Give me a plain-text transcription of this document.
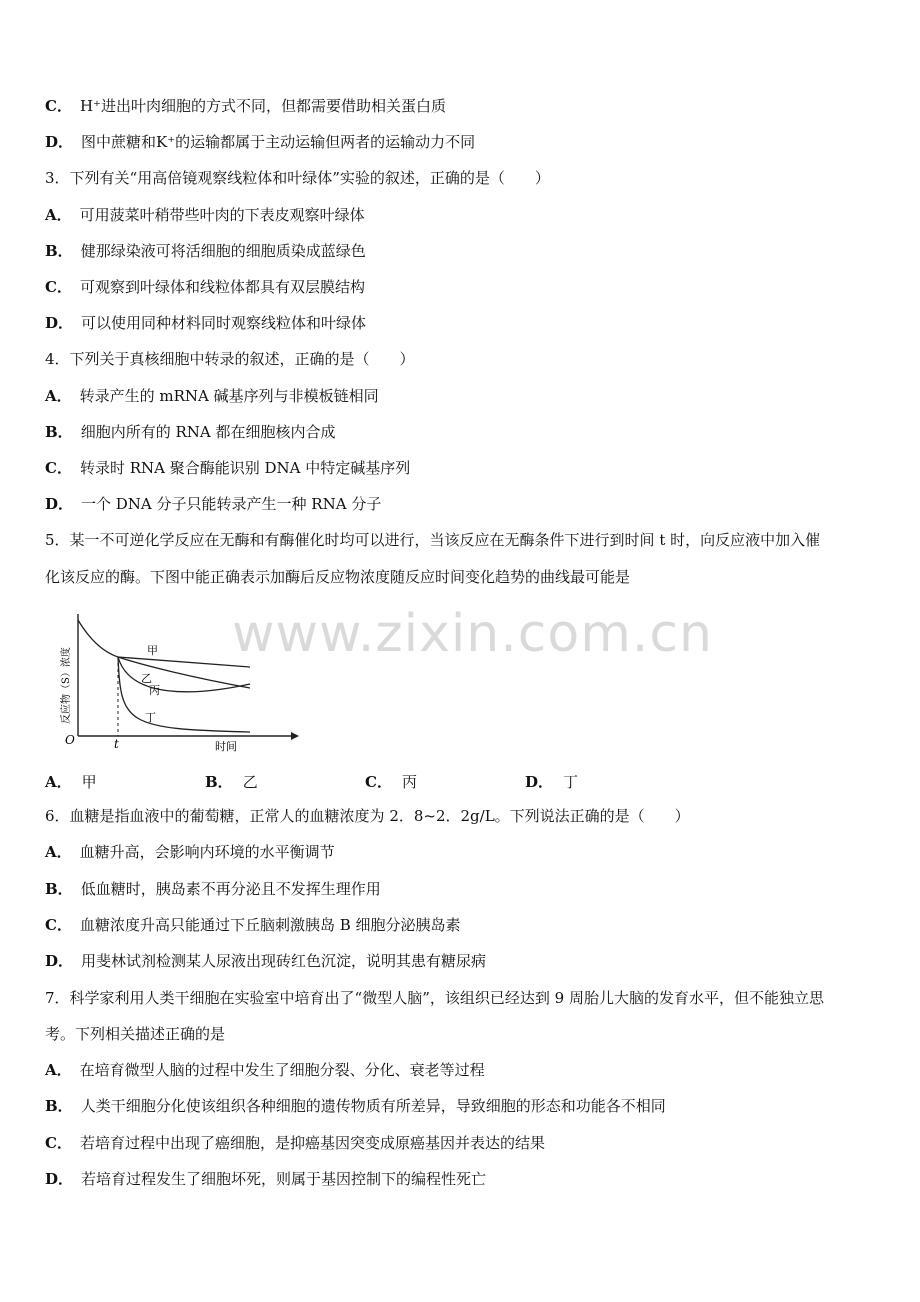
C． H⁺进出叶肉细胞的方式不同，但都需要借助相关蛋白质
D． 图中蔗糖和K⁺的运输都属于主动运输但两者的运输动力不同
3．下列有关“用高倍镜观察线粒体和叶绿体”实验的叙述，正确的是（　　）
A． 可用菠菜叶稍带些叶肉的下表皮观察叶绿体
B． 健那绿染液可将活细胞的细胞质染成蓝绿色
C． 可观察到叶绿体和线粒体都具有双层膜结构
D． 可以使用同种材料同时观察线粒体和叶绿体
4．下列关于真核细胞中转录的叙述，正确的是（　　）
A． 转录产生的 mRNA 碱基序列与非模板链相同
B． 细胞内所有的 RNA 都在细胞核内合成
C． 转录时 RNA 聚合酶能识别 DNA 中特定碱基序列
D． 一个 DNA 分子只能转录产生一种 RNA 分子
5．某一不可逆化学反应在无酶和有酶催化时均可以进行，当该反应在无酶条件下进行到时间 t 时，向反应液中加入催
化该反应的酶。下图中能正确表示加酶后反应物浓度随反应时间变化趋势的曲线最可能是
甲
乙
丙
丁
O	t	时间
反应物（S）浓度
www.zixin.com.cn
A． 甲	B． 乙	C． 丙	D． 丁
6．血糖是指血液中的葡萄糖，正常人的血糖浓度为 2．8~2．2g/L。下列说法正确的是（　　）
A． 血糖升高，会影响内环境的水平衡调节
B． 低血糖时，胰岛素不再分泌且不发挥生理作用
C． 血糖浓度升高只能通过下丘脑刺激胰岛 B 细胞分泌胰岛素
D． 用斐林试剂检测某人尿液出现砖红色沉淀，说明其患有糖尿病
7．科学家利用人类干细胞在实验室中培育出了“微型人脑”，该组织已经达到 9 周胎儿大脑的发育水平，但不能独立思
考。下列相关描述正确的是
A． 在培育微型人脑的过程中发生了细胞分裂、分化、衰老等过程
B． 人类干细胞分化使该组织各种细胞的遗传物质有所差异，导致细胞的形态和功能各不相同
C． 若培育过程中出现了癌细胞，是抑癌基因突变成原癌基因并表达的结果
D． 若培育过程发生了细胞坏死，则属于基因控制下的编程性死亡
